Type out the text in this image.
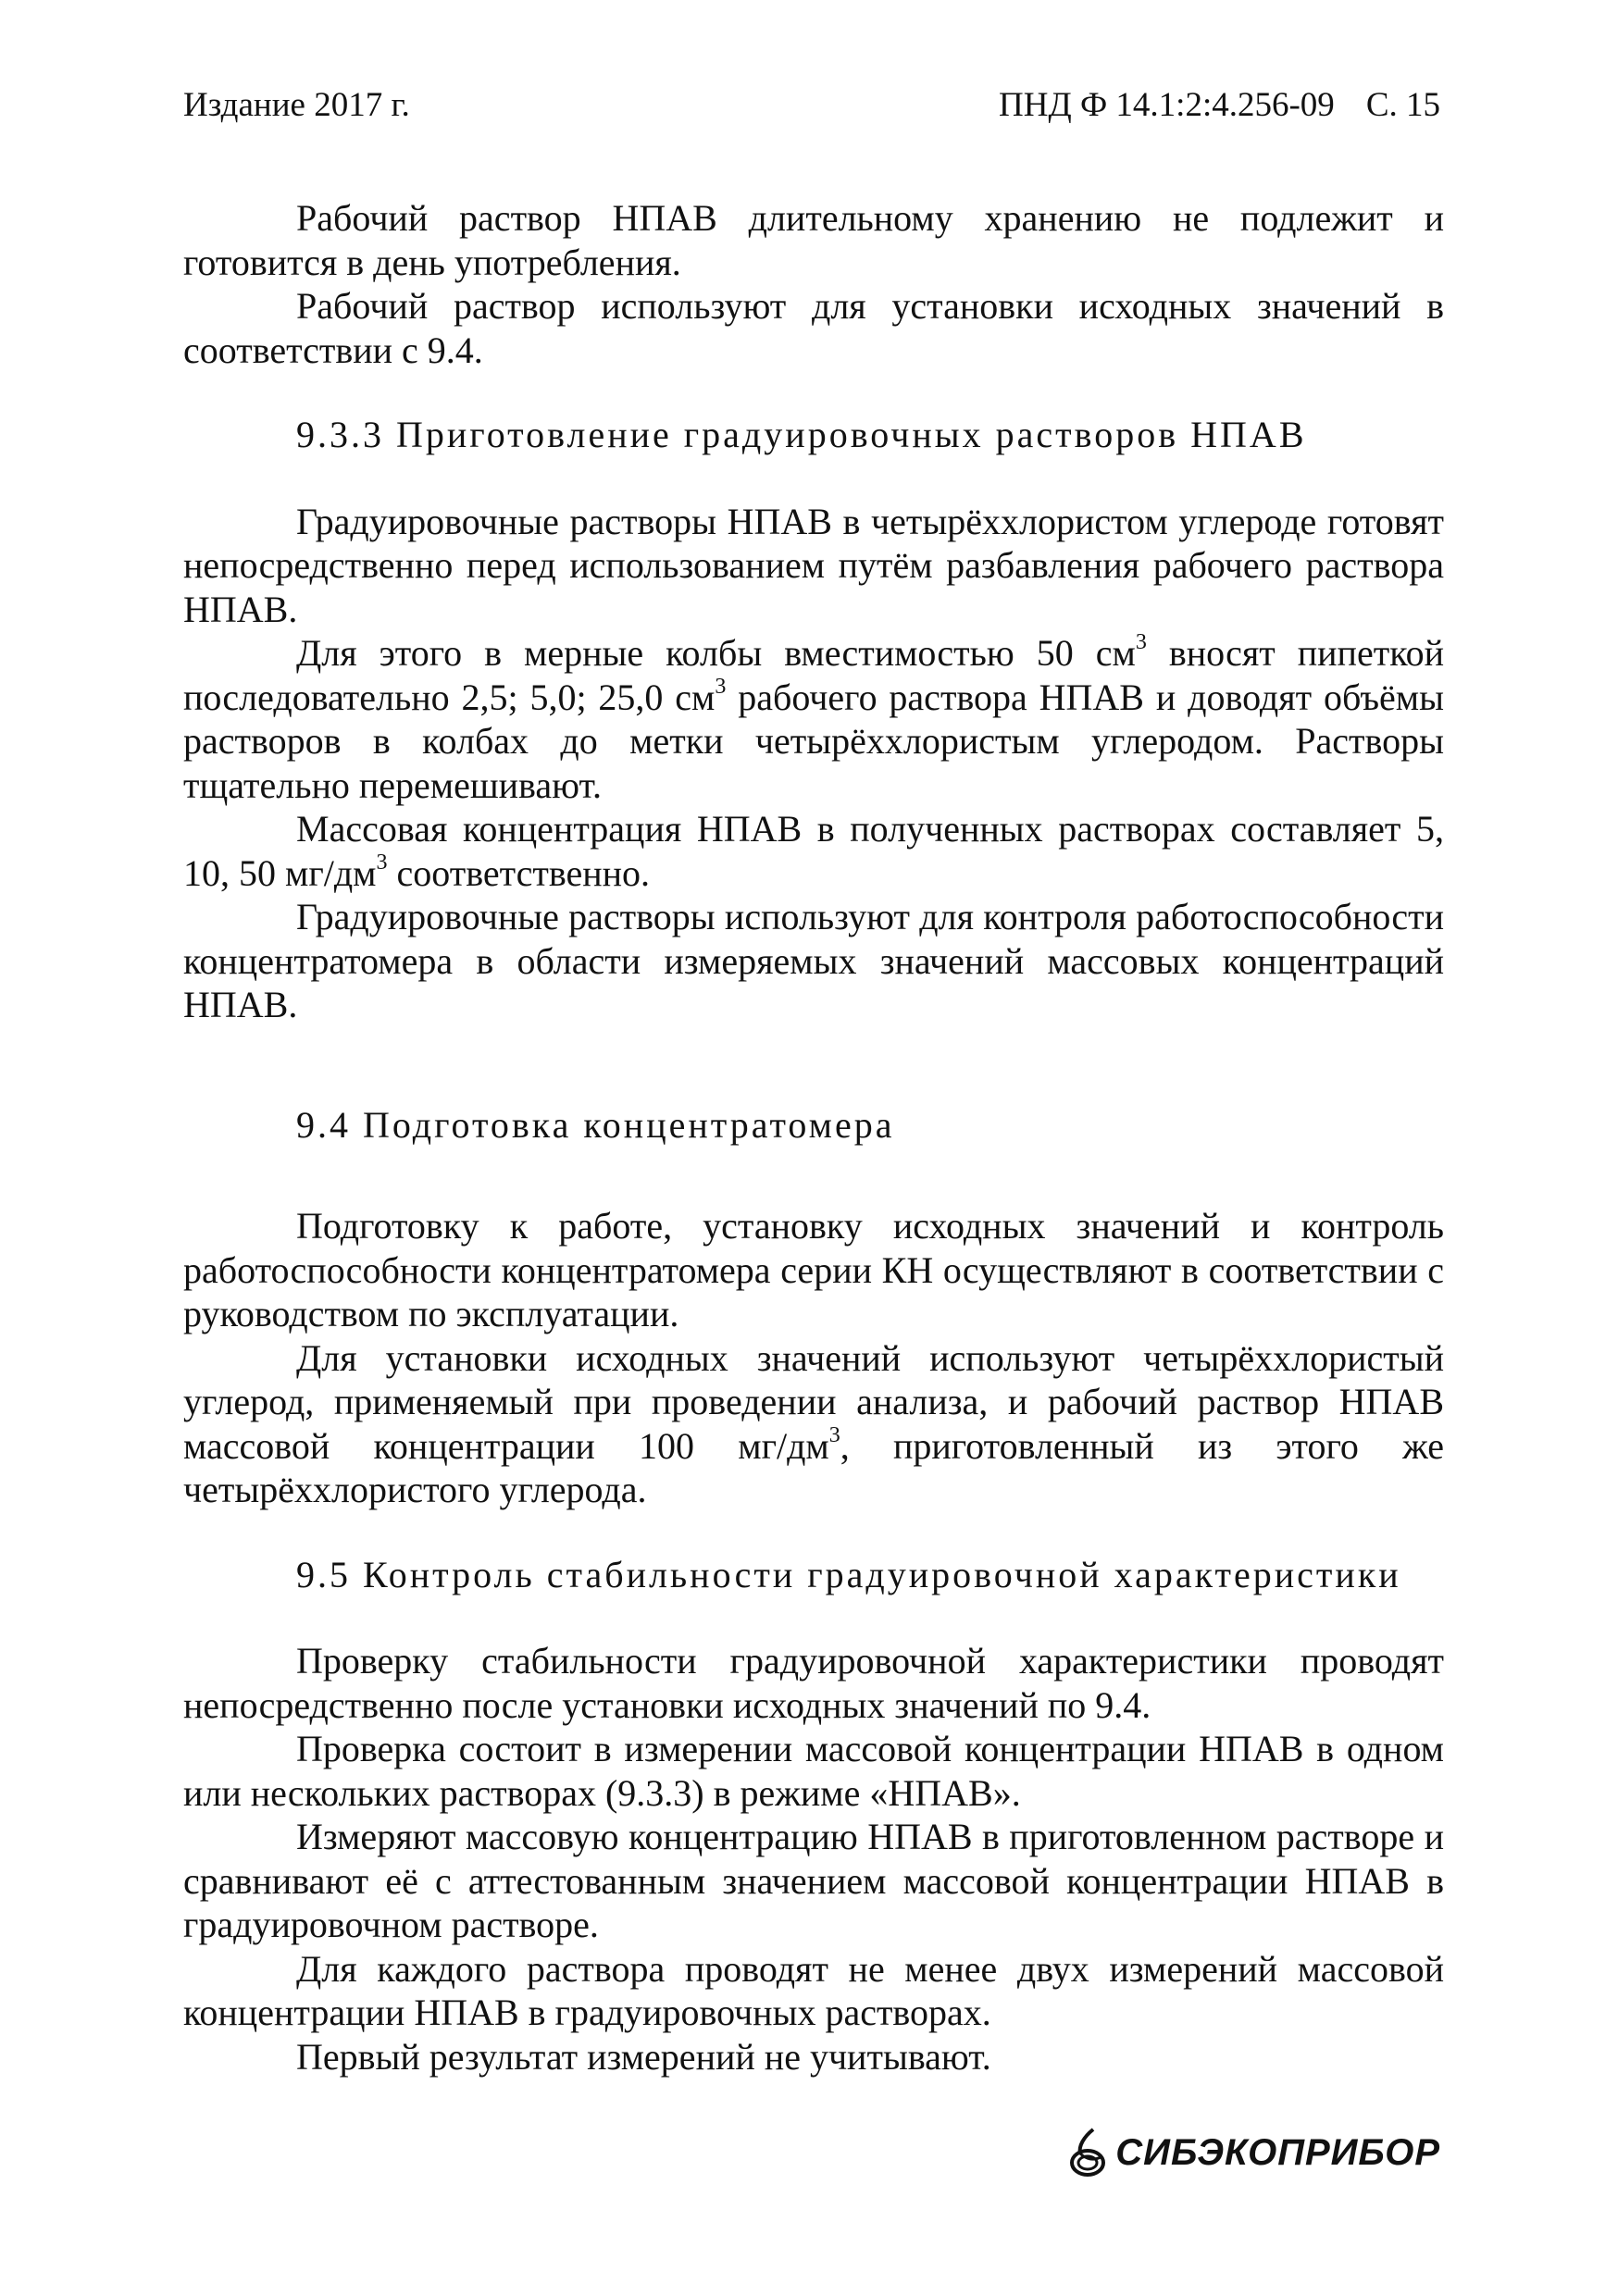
Издание 2017 г.	ПНД Ф 14.1:2:4.256-09 С. 15

Рабочий раствор НПАВ длительному хранению не подлежит и готовится в день употребления.

Рабочий раствор используют для установки исходных значений в соответствии с 9.4.

9.3.3 Приготовление градуировочных растворов НПАВ

Градуировочные растворы НПАВ в четырёххлористом углероде готовят непосредственно перед использованием путём разбавления рабочего раствора НПАВ.

Для этого в мерные колбы вместимостью 50 $см^3$ вносят пипеткой последовательно 2,5; 5,0; 25,0 $см^3$ рабочего раствора НПАВ и доводят объёмы растворов в колбах до метки четырёххлористым углеродом. Растворы тщательно перемешивают.

Массовая концентрация НПАВ в полученных растворах составляет 5, 10, 50 $мг/дм^3$ соответственно.

Градуировочные растворы используют для контроля работоспособности концентратомера в области измеряемых значений массовых концентраций НПАВ.

9.4 Подготовка концентратомера

Подготовку к работе, установку исходных значений и контроль работоспособности концентратомера серии КН осуществляют в соответствии с руководством по эксплуатации.

Для установки исходных значений используют четырёххлористый углерод, применяемый при проведении анализа, и рабочий раствор НПАВ массовой концентрации 100 $мг/дм^3$, приготовленный из этого же четырёххлористого углерода.

9.5 Контроль стабильности градуировочной характеристики

Проверку стабильности градуировочной характеристики проводят непосредственно после установки исходных значений по 9.4.

Проверка состоит в измерении массовой концентрации НПАВ в одном или нескольких растворах (9.3.3) в режиме «НПАВ».

Измеряют массовую концентрацию НПАВ в приготовленном растворе и сравнивают её с аттестованным значением массовой концентрации НПАВ в градуировочном растворе.

Для каждого раствора проводят не менее двух измерений массовой концентрации НПАВ в градуировочных растворах.

Первый результат измерений не учитывают.

СИБЭКОПРИБОР
